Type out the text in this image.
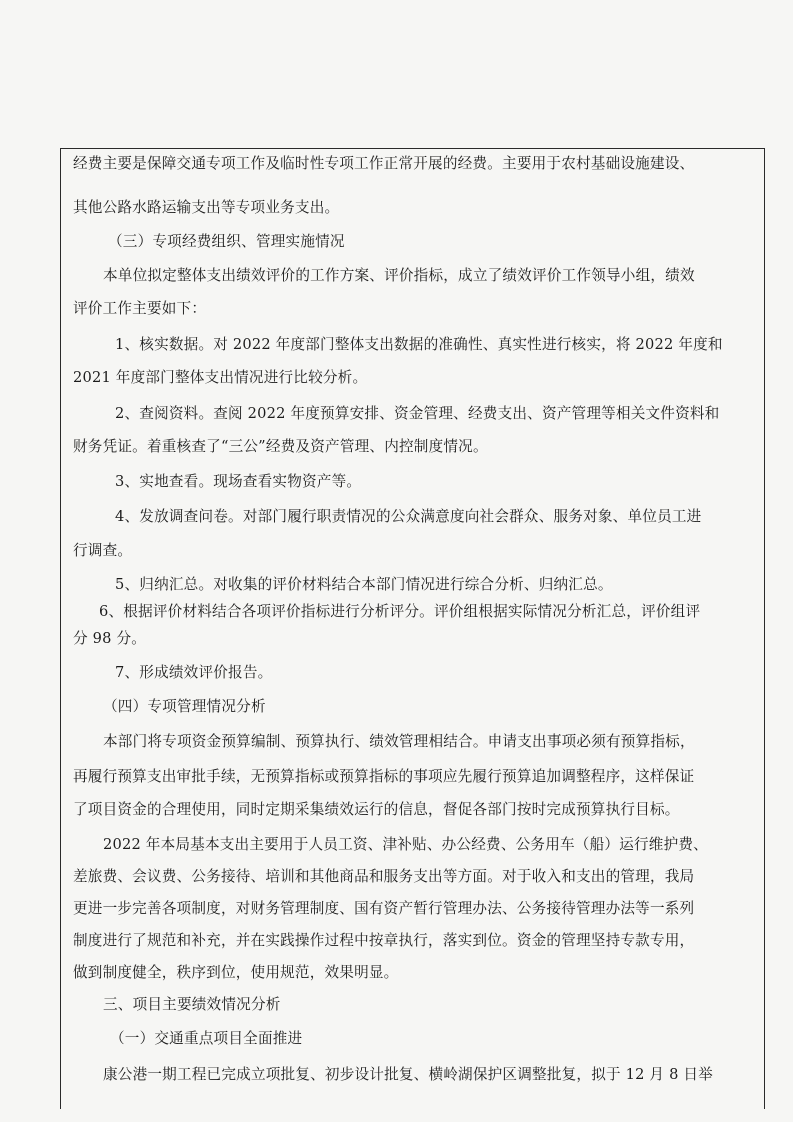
经费主要是保障交通专项工作及临时性专项工作正常开展的经费。主要用于农村基础设施建设、
其他公路水路运输支出等专项业务支出。
（三）专项经费组织、管理实施情况
本单位拟定整体支出绩效评价的工作方案、评价指标，成立了绩效评价工作领导小组，绩效
评价工作主要如下：
1、核实数据。对 2022 年度部门整体支出数据的准确性、真实性进行核实，将 2022 年度和
2021 年度部门整体支出情况进行比较分析。
2、查阅资料。查阅 2022 年度预算安排、资金管理、经费支出、资产管理等相关文件资料和
财务凭证。着重核查了“三公”经费及资产管理、内控制度情况。
3、实地查看。现场查看实物资产等。
4、发放调查问卷。对部门履行职责情况的公众满意度向社会群众、服务对象、单位员工进
行调查。
5、归纳汇总。对收集的评价材料结合本部门情况进行综合分析、归纳汇总。
6、根据评价材料结合各项评价指标进行分析评分。评价组根据实际情况分析汇总，评价组评
分 98 分。
7、形成绩效评价报告。
（四）专项管理情况分析
本部门将专项资金预算编制、预算执行、绩效管理相结合。申请支出事项必须有预算指标，
再履行预算支出审批手续，无预算指标或预算指标的事项应先履行预算追加调整程序，这样保证
了项目资金的合理使用，同时定期采集绩效运行的信息，督促各部门按时完成预算执行目标。
2022 年本局基本支出主要用于人员工资、津补贴、办公经费、公务用车（船）运行维护费、
差旅费、会议费、公务接待、培训和其他商品和服务支出等方面。对于收入和支出的管理，我局
更进一步完善各项制度，对财务管理制度、国有资产暂行管理办法、公务接待管理办法等一系列
制度进行了规范和补充，并在实践操作过程中按章执行，落实到位。资金的管理坚持专款专用，
做到制度健全，秩序到位，使用规范，效果明显。
三、项目主要绩效情况分析
（一）交通重点项目全面推进
康公港一期工程已完成立项批复、初步设计批复、横岭湖保护区调整批复，拟于 12 月 8 日举
